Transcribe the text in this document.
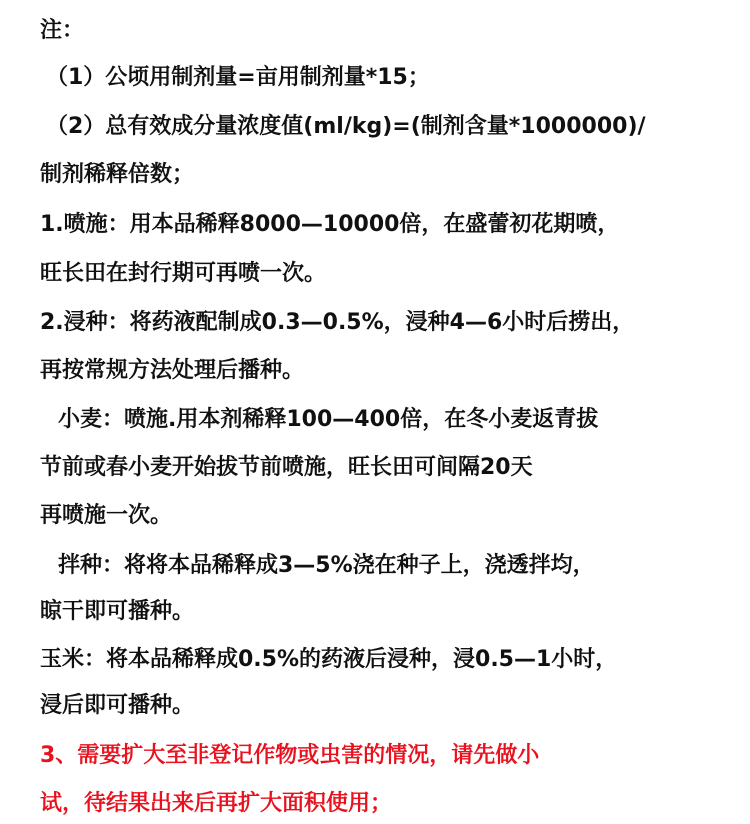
注：
（1）公顷用制剂量=亩用制剂量*15；
（2）总有效成分量浓度值(ml/kg)=(制剂含量*1000000)/
制剂稀释倍数；
1.喷施：用本品稀释8000—10000倍，在盛蕾初花期喷，
旺长田在封行期可再喷一次。
2.浸种：将药液配制成0.3—0.5%，浸种4—6小时后捞出，
再按常规方法处理后播种。
小麦：喷施.用本剂稀释100—400倍，在冬小麦返青拔
节前或春小麦开始拔节前喷施，旺长田可间隔20天
再喷施一次。
拌种：将将本品稀释成3—5%浇在种子上，浇透拌均，
晾干即可播种。
玉米：将本品稀释成0.5%的药液后浸种，浸0.5—1小时，
浸后即可播种。
3、需要扩大至非登记作物或虫害的情况，请先做小
试，待结果出来后再扩大面积使用；
